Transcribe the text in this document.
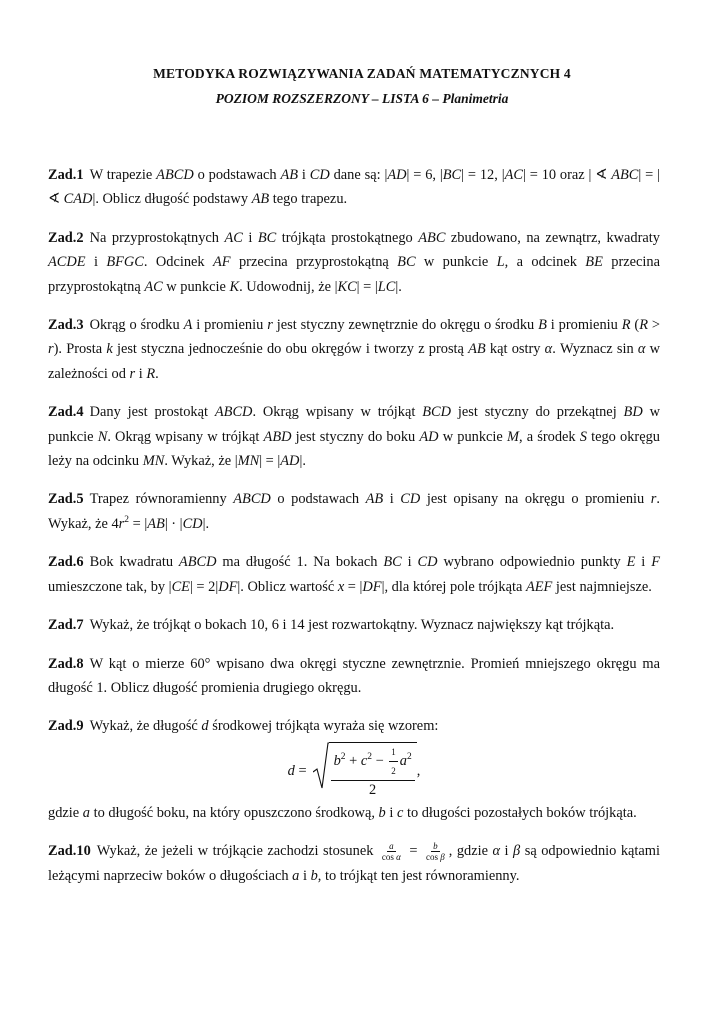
METODYKA ROZWIĄZYWANIA ZADAŃ MATEMATYCZNYCH 4
POZIOM ROZSZERZONY – LISTA 6 – Planimetria

Zad.1 W trapezie ABCD o podstawach AB i CD dane są: |AD| = 6, |BC| = 12, |AC| = 10 oraz | ∢ ABC| = | ∢ CAD|. Oblicz długość podstawy AB tego trapezu.

Zad.2 Na przyprostokątnych AC i BC trójkąta prostokątnego ABC zbudowano, na zewnątrz, kwadraty ACDE i BFGC. Odcinek AF przecina przyprostokątną BC w punkcie L, a odcinek BE przecina przyprostokątną AC w punkcie K. Udowodnij, że |KC| = |LC|.

Zad.3 Okrąg o środku A i promieniu r jest styczny zewnętrznie do okręgu o środku B i promieniu R (R > r). Prosta k jest styczna jednocześnie do obu okręgów i tworzy z prostą AB kąt ostry α. Wyznacz sin α w zależności od r i R.

Zad.4 Dany jest prostokąt ABCD. Okrąg wpisany w trójkąt BCD jest styczny do przekątnej BD w punkcie N. Okrąg wpisany w trójkąt ABD jest styczny do boku AD w punkcie M, a środek S tego okręgu leży na odcinku MN. Wykaż, że |MN| = |AD|.

Zad.5 Trapez równoramienny ABCD o podstawach AB i CD jest opisany na okręgu o promieniu r. Wykaż, że $4r^2 = |AB| \cdot |CD|$.

Zad.6 Bok kwadratu ABCD ma długość 1. Na bokach BC i CD wybrano odpowiednio punkty E i F umieszczone tak, by |CE| = 2|DF|. Oblicz wartość x = |DF|, dla której pole trójkąta AEF jest najmniejsze.

Zad.7 Wykaż, że trójkąt o bokach 10, 6 i 14 jest rozwartokątny. Wyznacz największy kąt trójkąta.

Zad.8 W kąt o mierze 60° wpisano dwa okręgi styczne zewnętrznie. Promień mniejszego okręgu ma długość 1. Oblicz długość promienia drugiego okręgu.

Zad.9 Wykaż, że długość d środkowej trójkąta wyraża się wzorem:
$d = \frac{b^2 + c^2 - \frac{1}{2} a^2}{2}$ ,
gdzie a to długość boku, na który opuszczono środkową, b i c to długości pozostałych boków trójkąta.

Zad.10 Wykaż, że jeżeli w trójkącie zachodzi stosunek $\frac{a}{\text{cos α}} = \frac{b}{\text{cos β}}$ , gdzie α i β są odpowiednio kątami leżącymi naprzeciw boków o długościach a i b, to trójkąt ten jest równoramienny.
